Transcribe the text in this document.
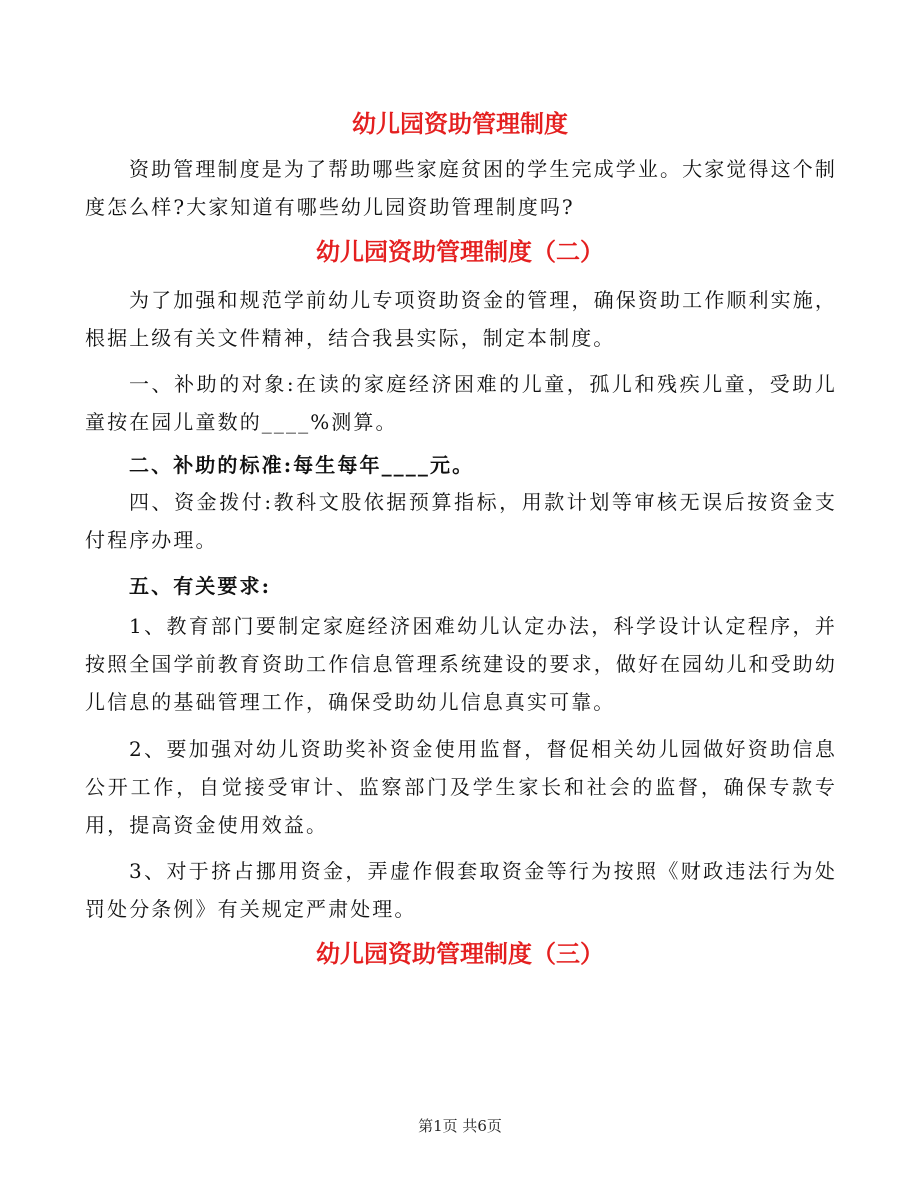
幼儿园资助管理制度

资助管理制度是为了帮助哪些家庭贫困的学生完成学业。大家觉得这个制度怎么样?大家知道有哪些幼儿园资助管理制度吗?

幼儿园资助管理制度（二）

为了加强和规范学前幼儿专项资助资金的管理，确保资助工作顺利实施，根据上级有关文件精神，结合我县实际，制定本制度。

一、补助的对象:在读的家庭经济困难的儿童，孤儿和残疾儿童，受助儿童按在园儿童数的____%测算。

二、补助的标准:每生每年____元。

四、资金拨付:教科文股依据预算指标，用款计划等审核无误后按资金支付程序办理。

五、有关要求:

1、教育部门要制定家庭经济困难幼儿认定办法，科学设计认定程序，并按照全国学前教育资助工作信息管理系统建设的要求，做好在园幼儿和受助幼儿信息的基础管理工作，确保受助幼儿信息真实可靠。

2、要加强对幼儿资助奖补资金使用监督，督促相关幼儿园做好资助信息公开工作，自觉接受审计、监察部门及学生家长和社会的监督，确保专款专用，提高资金使用效益。

3、对于挤占挪用资金，弄虚作假套取资金等行为按照《财政违法行为处罚处分条例》有关规定严肃处理。

幼儿园资助管理制度（三）
第1页 共6页
